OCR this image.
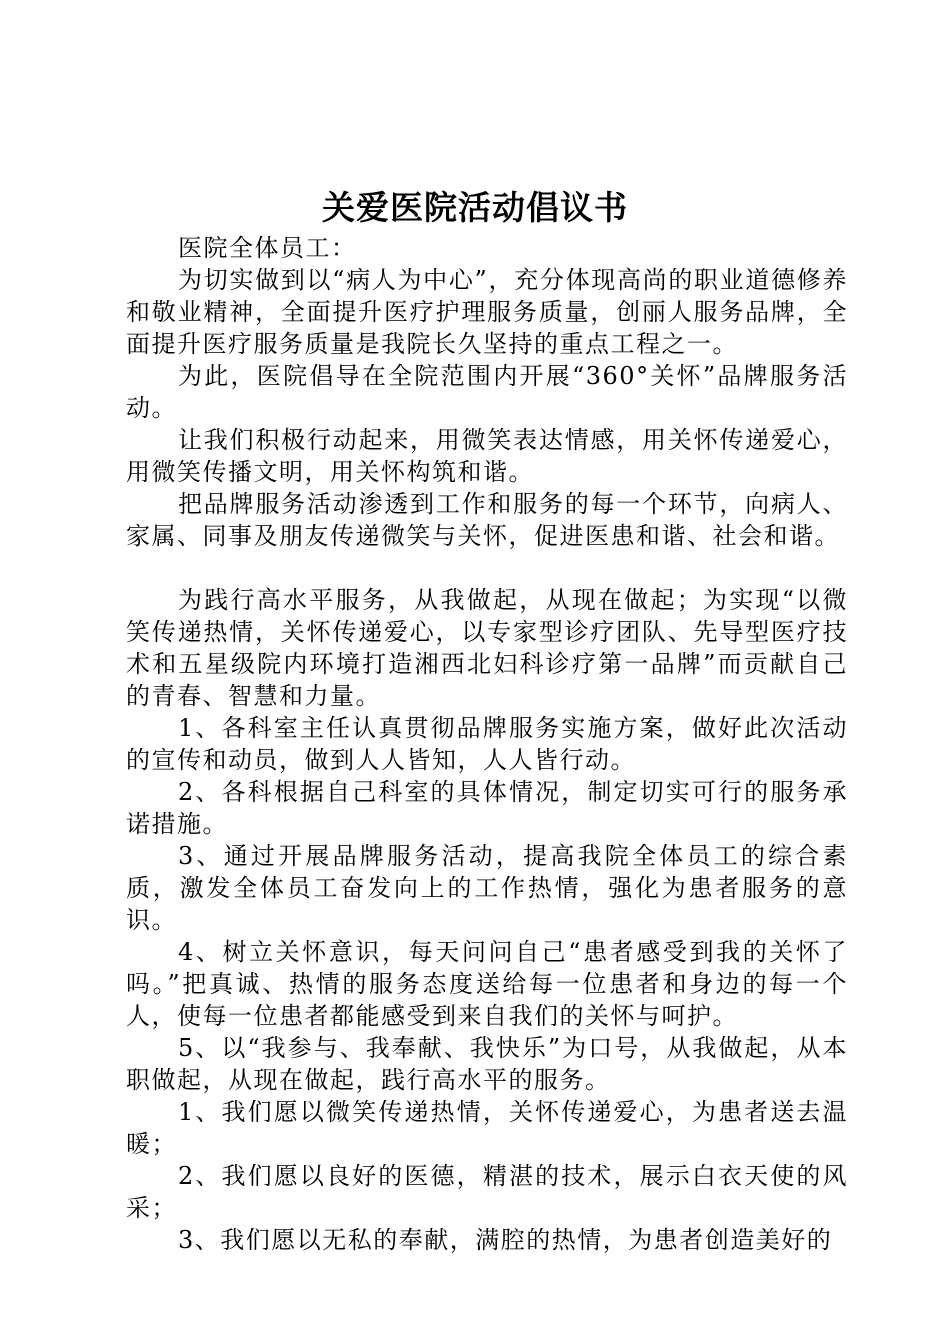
关爱医院活动倡议书

医院全体员工：

为切实做到以“病人为中心”，充分体现高尚的职业道德修养和敬业精神，全面提升医疗护理服务质量，创丽人服务品牌，全面提升医疗服务质量是我院长久坚持的重点工程之一。

为此，医院倡导在全院范围内开展“360°关怀”品牌服务活动。

让我们积极行动起来，用微笑表达情感，用关怀传递爱心，用微笑传播文明，用关怀构筑和谐。

把品牌服务活动渗透到工作和服务的每一个环节，向病人、家属、同事及朋友传递微笑与关怀，促进医患和谐、社会和谐。

为践行高水平服务，从我做起，从现在做起；为实现“以微笑传递热情，关怀传递爱心，以专家型诊疗团队、先导型医疗技术和五星级院内环境打造湘西北妇科诊疗第一品牌”而贡献自己的青春、智慧和力量。

1、各科室主任认真贯彻品牌服务实施方案，做好此次活动的宣传和动员，做到人人皆知，人人皆行动。

2、各科根据自己科室的具体情况，制定切实可行的服务承诺措施。

3、通过开展品牌服务活动，提高我院全体员工的综合素质，激发全体员工奋发向上的工作热情，强化为患者服务的意识。

4、树立关怀意识，每天问问自己“患者感受到我的关怀了吗。”把真诚、热情的服务态度送给每一位患者和身边的每一个人，使每一位患者都能感受到来自我们的关怀与呵护。

5、以“我参与、我奉献、我快乐”为口号，从我做起，从本职做起，从现在做起，践行高水平的服务。

1、我们愿以微笑传递热情，关怀传递爱心，为患者送去温暖；

2、我们愿以良好的医德，精湛的技术，展示白衣天使的风采；

3、我们愿以无私的奉献，满腔的热情，为患者创造美好的
